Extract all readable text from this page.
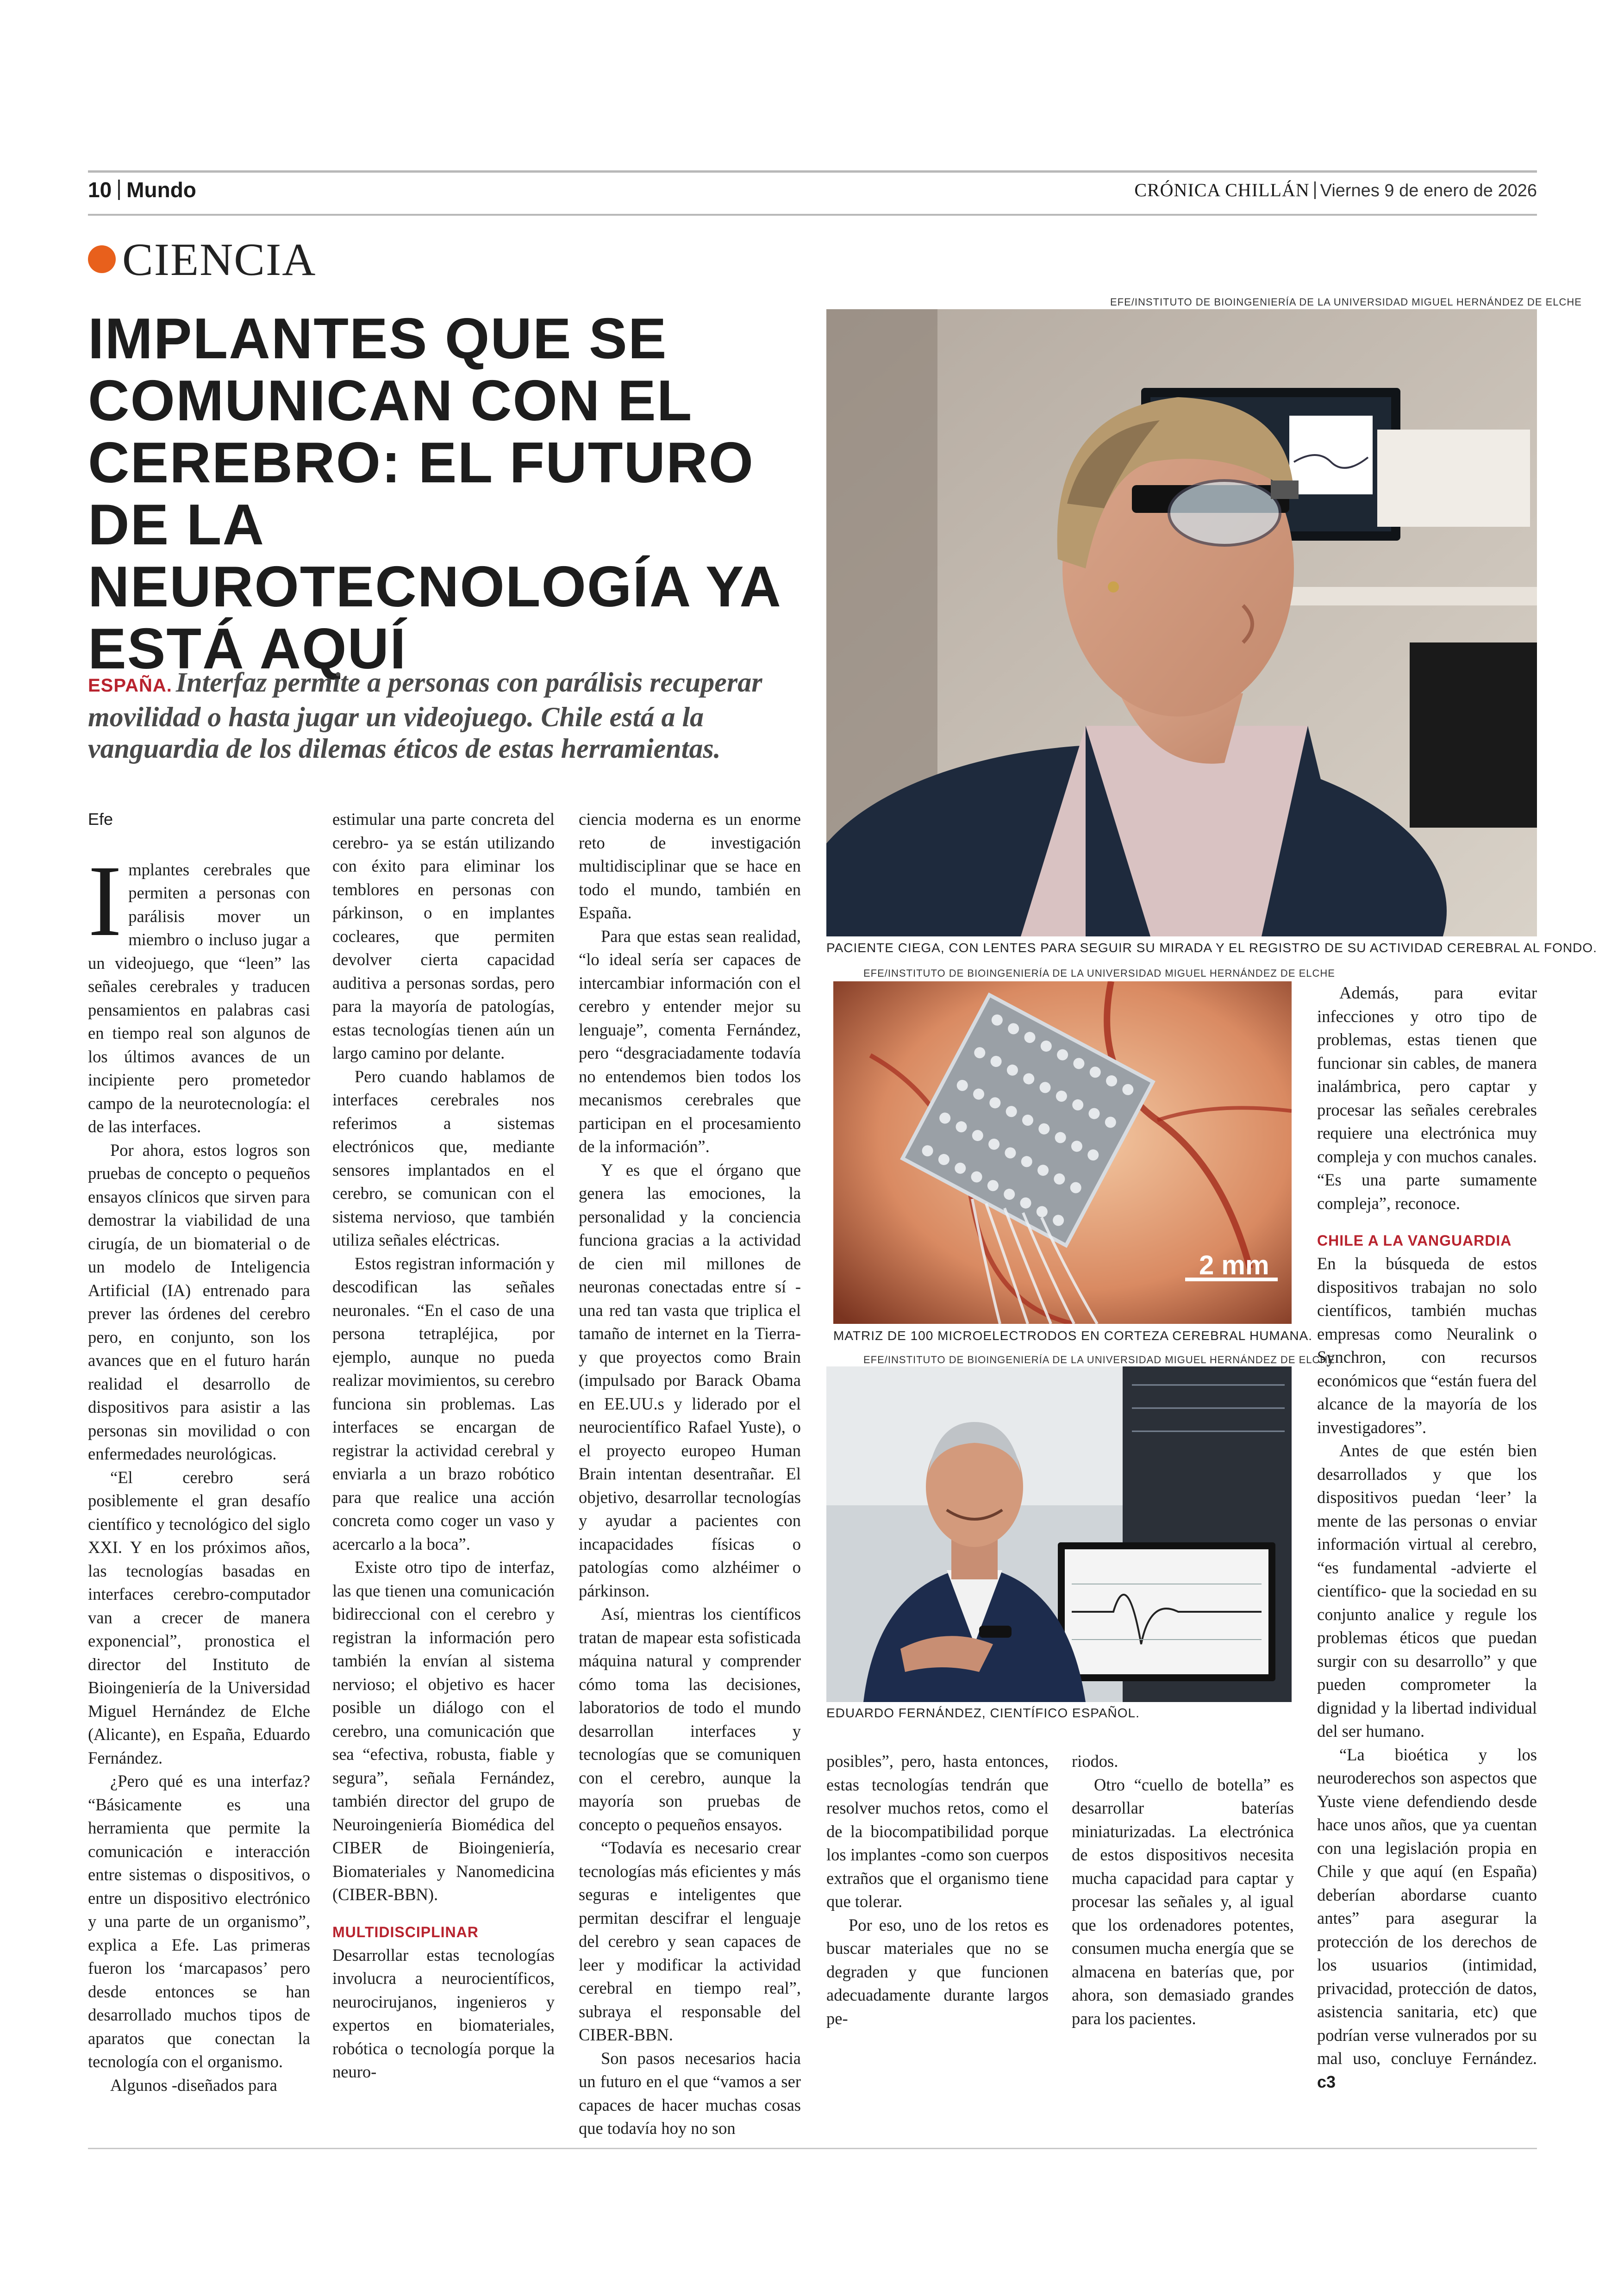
10 Mundo	CRÓNICA CHILLÁN Viernes 9 de enero de 2026
CIENCIA
IMPLANTES QUE SE COMUNICAN CON EL CEREBRO: EL FUTURO DE LA NEUROTECNOLOGÍA YA ESTÁ AQUÍ
ESPAÑA. Interfaz permite a personas con parálisis recuperar movilidad o hasta jugar un videojuego. Chile está a la vanguardia de los dilemas éticos de estas herramientas.
EFE/INSTITUTO DE BIOINGENIERÍA DE LA UNIVERSIDAD MIGUEL HERNÁNDEZ DE ELCHE
PACIENTE CIEGA, CON LENTES PARA SEGUIR SU MIRADA Y EL REGISTRO DE SU ACTIVIDAD CEREBRAL AL FONDO.
EFE/INSTITUTO DE BIOINGENIERÍA DE LA UNIVERSIDAD MIGUEL HERNÁNDEZ DE ELCHE
2 mm
MATRIZ DE 100 MICROELECTRODOS EN CORTEZA CEREBRAL HUMANA.
EFE/INSTITUTO DE BIOINGENIERÍA DE LA UNIVERSIDAD MIGUEL HERNÁNDEZ DE ELCHE
EDUARDO FERNÁNDEZ, CIENTÍFICO ESPAÑOL.
Efe

Implantes cerebrales que permiten a personas con parálisis mover un miembro o incluso jugar a un videojuego, que “leen” las señales cerebrales y traducen pensamientos en palabras casi en tiempo real son algunos de los últimos avances de un incipiente pero prometedor campo de la neurotecnología: el de las interfaces.

Por ahora, estos logros son pruebas de concepto o pequeños ensayos clínicos que sirven para demostrar la viabilidad de una cirugía, de un biomaterial o de un modelo de Inteligencia Artificial (IA) entrenado para prever las órdenes del cerebro pero, en conjunto, son los avances que en el futuro harán realidad el desarrollo de dispositivos para asistir a las personas sin movilidad o con enfermedades neurológicas.

“El cerebro será posiblemente el gran desafío científico y tecnológico del siglo XXI. Y en los próximos años, las tecnologías basadas en interfaces cerebro-computador van a crecer de manera exponencial”, pronostica el director del Instituto de Bioingeniería de la Universidad Miguel Hernández de Elche (Alicante), en España, Eduardo Fernández.

¿Pero qué es una interfaz? “Básicamente es una herramienta que permite la comunicación e interacción entre sistemas o dispositivos, o entre un dispositivo electrónico y una parte de un organismo”, explica a Efe. Las primeras fueron los ‘marcapasos’ pero desde entonces se han desarrollado muchos tipos de aparatos que conectan la tecnología con el organismo.

Algunos -diseñados para

estimular una parte concreta del cerebro- ya se están utilizando con éxito para eliminar los temblores en personas con párkinson, o en implantes cocleares, que permiten devolver cierta capacidad auditiva a personas sordas, pero para la mayoría de patologías, estas tecnologías tienen aún un largo camino por delante.

Pero cuando hablamos de interfaces cerebrales nos referimos a sistemas electrónicos que, mediante sensores implantados en el cerebro, se comunican con el sistema nervioso, que también utiliza señales eléctricas.

Estos registran información y descodifican las señales neuronales. “En el caso de una persona tetrapléjica, por ejemplo, aunque no pueda realizar movimientos, su cerebro funciona sin problemas. Las interfaces se encargan de registrar la actividad cerebral y enviarla a un brazo robótico para que realice una acción concreta como coger un vaso y acercarlo a la boca”.

Existe otro tipo de interfaz, las que tienen una comunicación bidireccional con el cerebro y registran la información pero también la envían al sistema nervioso; el objetivo es hacer posible un diálogo con el cerebro, una comunicación que sea “efectiva, robusta, fiable y segura”, señala Fernández, también director del grupo de Neuroingeniería Biomédica del CIBER de Bioingeniería, Biomateriales y Nanomedicina (CIBER-BBN).

MULTIDISCIPLINAR

Desarrollar estas tecnologías involucra a neurocientíficos, neurocirujanos, ingenieros y expertos en biomateriales, robótica o tecnología porque la neuro-

ciencia moderna es un enorme reto de investigación multidisciplinar que se hace en todo el mundo, también en España.

Para que estas sean realidad, “lo ideal sería ser capaces de intercambiar información con el cerebro y entender mejor su lenguaje”, comenta Fernández, pero “desgraciadamente todavía no entendemos bien todos los mecanismos cerebrales que participan en el procesamiento de la información”.

Y es que el órgano que genera las emociones, la personalidad y la conciencia funciona gracias a la actividad de cien mil millones de neuronas conectadas entre sí -una red tan vasta que triplica el tamaño de internet en la Tierra- y que proyectos como Brain (impulsado por Barack Obama en EE.UU.s y liderado por el neurocientífico Rafael Yuste), o el proyecto europeo Human Brain intentan desentrañar. El objetivo, desarrollar tecnologías y ayudar a pacientes con incapacidades físicas o patologías como alzhéimer o párkinson.

Así, mientras los científicos tratan de mapear esta sofisticada máquina natural y comprender cómo toma las decisiones, laboratorios de todo el mundo desarrollan interfaces y tecnologías que se comuniquen con el cerebro, aunque la mayoría son pruebas de concepto o pequeños ensayos.

“Todavía es necesario crear tecnologías más eficientes y más seguras e inteligentes que permitan descifrar el lenguaje del cerebro y sean capaces de leer y modificar la actividad cerebral en tiempo real”, subraya el responsable del CIBER-BBN.

Son pasos necesarios hacia un futuro en el que “vamos a ser capaces de hacer muchas cosas que todavía hoy no son

posibles”, pero, hasta entonces, estas tecnologías tendrán que resolver muchos retos, como el de la biocompatibilidad porque los implantes -como son cuerpos extraños que el organismo tiene que tolerar.

Por eso, uno de los retos es buscar materiales que no se degraden y que funcionen adecuadamente durante largos pe-

riodos.

Otro “cuello de botella” es desarrollar baterías miniaturizadas. La electrónica de estos dispositivos necesita mucha capacidad para captar y procesar las señales y, al igual que los ordenadores potentes, consumen mucha energía que se almacena en baterías que, por ahora, son demasiado grandes para los pacientes.

Además, para evitar infecciones y otro tipo de problemas, estas tienen que funcionar sin cables, de manera inalámbrica, pero captar y procesar las señales cerebrales requiere una electrónica muy compleja y con muchos canales. “Es una parte sumamente compleja”, reconoce.

CHILE A LA VANGUARDIA

En la búsqueda de estos dispositivos trabajan no solo científicos, también muchas empresas como Neuralink o Synchron, con recursos económicos que “están fuera del alcance de la mayoría de los investigadores”.

Antes de que estén bien desarrollados y que los dispositivos puedan ‘leer’ la mente de las personas o enviar información virtual al cerebro, “es fundamental -advierte el científico- que la sociedad en su conjunto analice y regule los problemas éticos que puedan surgir con su desarrollo” y que pueden comprometer la dignidad y la libertad individual del ser humano.

“La bioética y los neuroderechos son aspectos que Yuste viene defendiendo desde hace unos años, que ya cuentan con una legislación propia en Chile y que aquí (en España) deberían abordarse cuanto antes” para asegurar la protección de los derechos de los usuarios (intimidad, privacidad, protección de datos, asistencia sanitaria, etc) que podrían verse vulnerados por su mal uso, concluye Fernández. c3
